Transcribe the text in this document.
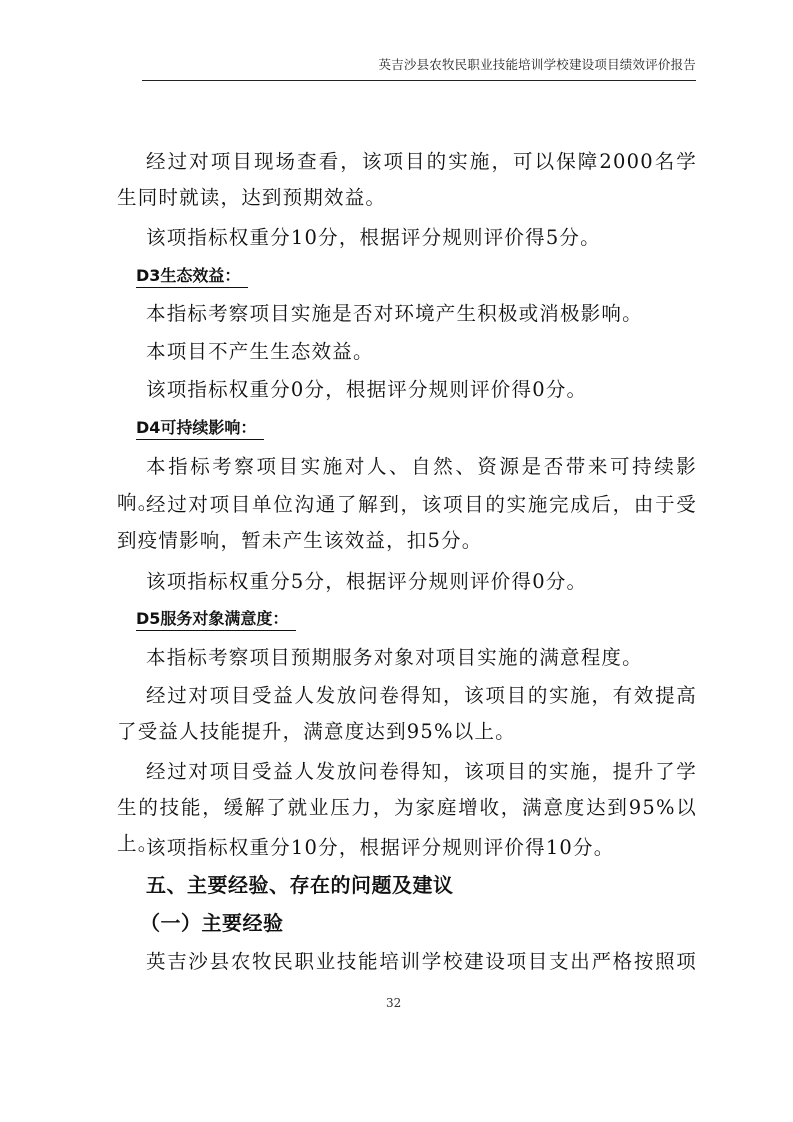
英吉沙县农牧民职业技能培训学校建设项目绩效评价报告

经过对项目现场查看，该项目的实施，可以保障2000名学生同时就读，达到预期效益。

该项指标权重分10分，根据评分规则评价得5分。

D3生态效益：

本指标考察项目实施是否对环境产生积极或消极影响。

本项目不产生生态效益。

该项指标权重分0分，根据评分规则评价得0分。

D4可持续影响：

本指标考察项目实施对人、自然、资源是否带来可持续影响。

经过对项目单位沟通了解到，该项目的实施完成后，由于受到疫情影响，暂未产生该效益，扣5分。

该项指标权重分5分，根据评分规则评价得0分。

D5服务对象满意度：

本指标考察项目预期服务对象对项目实施的满意程度。

经过对项目受益人发放问卷得知，该项目的实施，有效提高了受益人技能提升，满意度达到95%以上。

经过对项目受益人发放问卷得知，该项目的实施，提升了学生的技能，缓解了就业压力，为家庭增收，满意度达到95%以上。

该项指标权重分10分，根据评分规则评价得10分。

五、主要经验、存在的问题及建议
（一）主要经验

英吉沙县农牧民职业技能培训学校建设项目支出严格按照项

32
